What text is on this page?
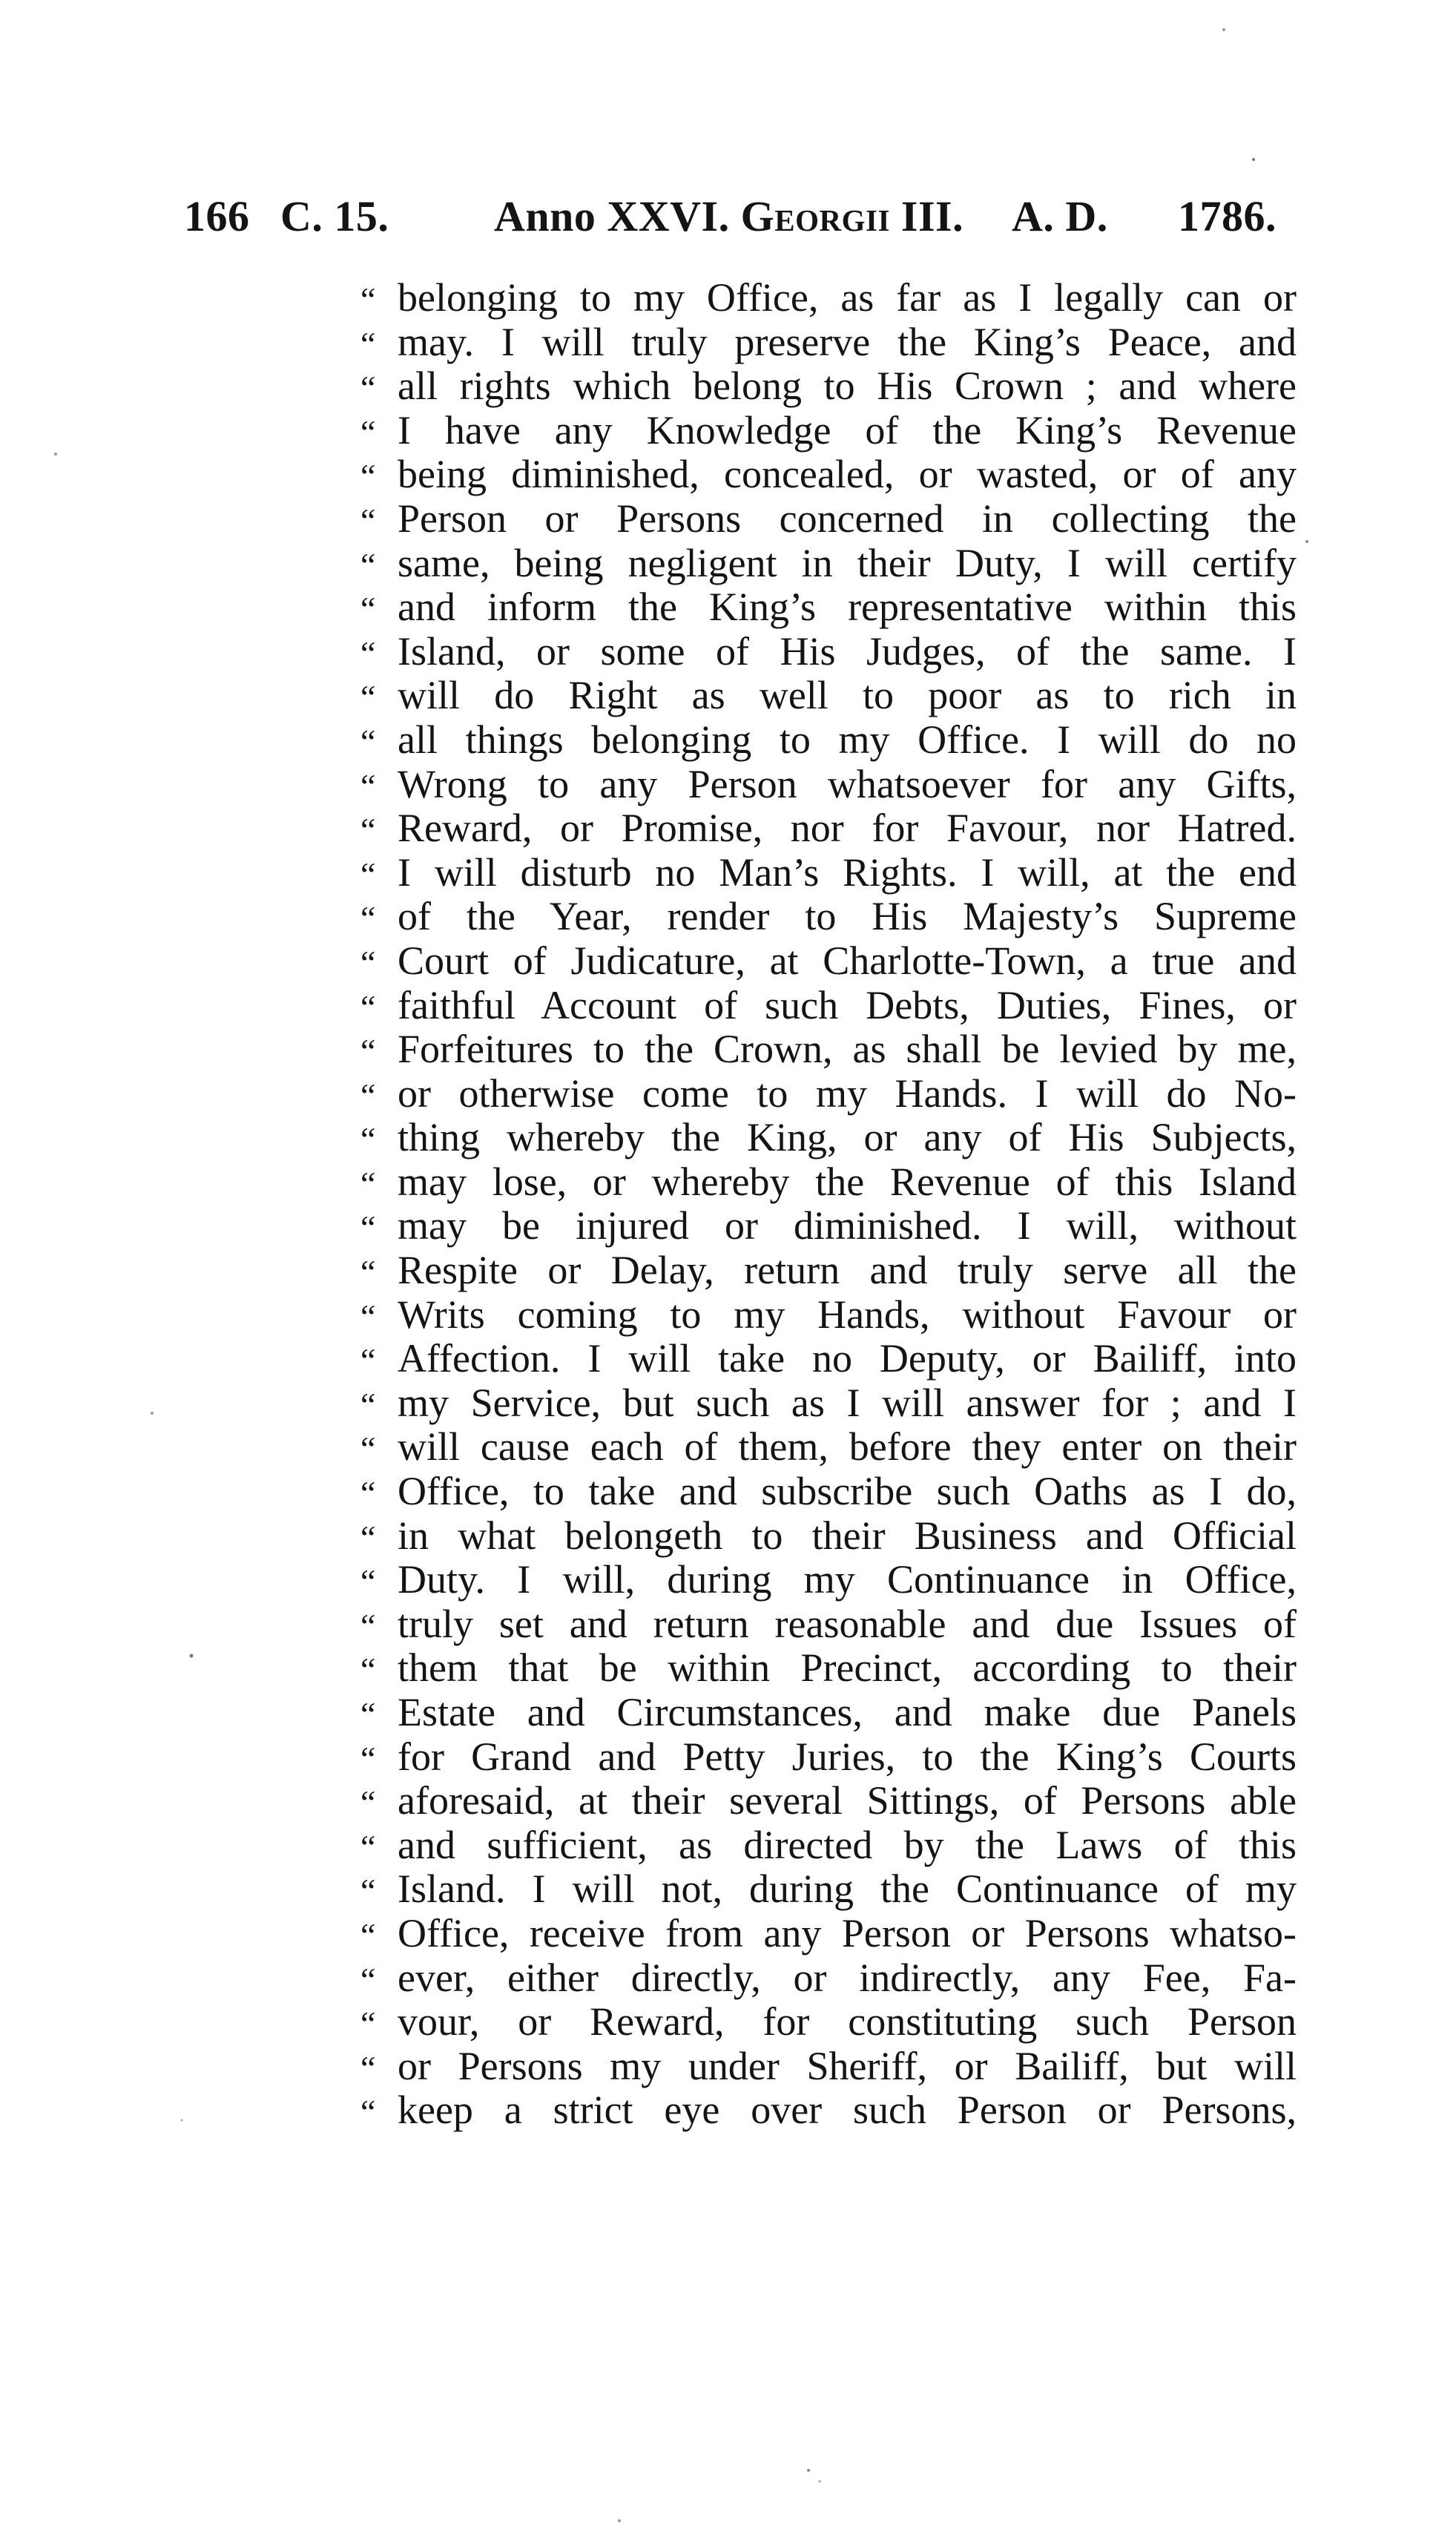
166 C. 15. Anno XXVI. Georgii III. A. D. 1786.
“ belonging to my Office, as far as I legally can or
“ may. I will truly preserve the King’s Peace, and
“ all rights which belong to His Crown ; and where
“ I have any Knowledge of the King’s Revenue
“ being diminished, concealed, or wasted, or of any
“ Person or Persons concerned in collecting the
“ same, being negligent in their Duty, I will certify
“ and inform the King’s representative within this
“ Island, or some of His Judges, of the same. I
“ will do Right as well to poor as to rich in
“ all things belonging to my Office. I will do no
“ Wrong to any Person whatsoever for any Gifts,
“ Reward, or Promise, nor for Favour, nor Hatred.
“ I will disturb no Man’s Rights. I will, at the end
“ of the Year, render to His Majesty’s Supreme
“ Court of Judicature, at Charlotte-Town, a true and
“ faithful Account of such Debts, Duties, Fines, or
“ Forfeitures to the Crown, as shall be levied by me,
“ or otherwise come to my Hands. I will do No-
“ thing whereby the King, or any of His Subjects,
“ may lose, or whereby the Revenue of this Island
“ may be injured or diminished. I will, without
“ Respite or Delay, return and truly serve all the
“ Writs coming to my Hands, without Favour or
“ Affection. I will take no Deputy, or Bailiff, into
“ my Service, but such as I will answer for ; and I
“ will cause each of them, before they enter on their
“ Office, to take and subscribe such Oaths as I do,
“ in what belongeth to their Business and Official
“ Duty. I will, during my Continuance in Office,
“ truly set and return reasonable and due Issues of
“ them that be within Precinct, according to their
“ Estate and Circumstances, and make due Panels
“ for Grand and Petty Juries, to the King’s Courts
“ aforesaid, at their several Sittings, of Persons able
“ and sufficient, as directed by the Laws of this
“ Island. I will not, during the Continuance of my
“ Office, receive from any Person or Persons whatso-
“ ever, either directly, or indirectly, any Fee, Fa-
“ vour, or Reward, for constituting such Person
“ or Persons my under Sheriff, or Bailiff, but will
“ keep a strict eye over such Person or Persons,
